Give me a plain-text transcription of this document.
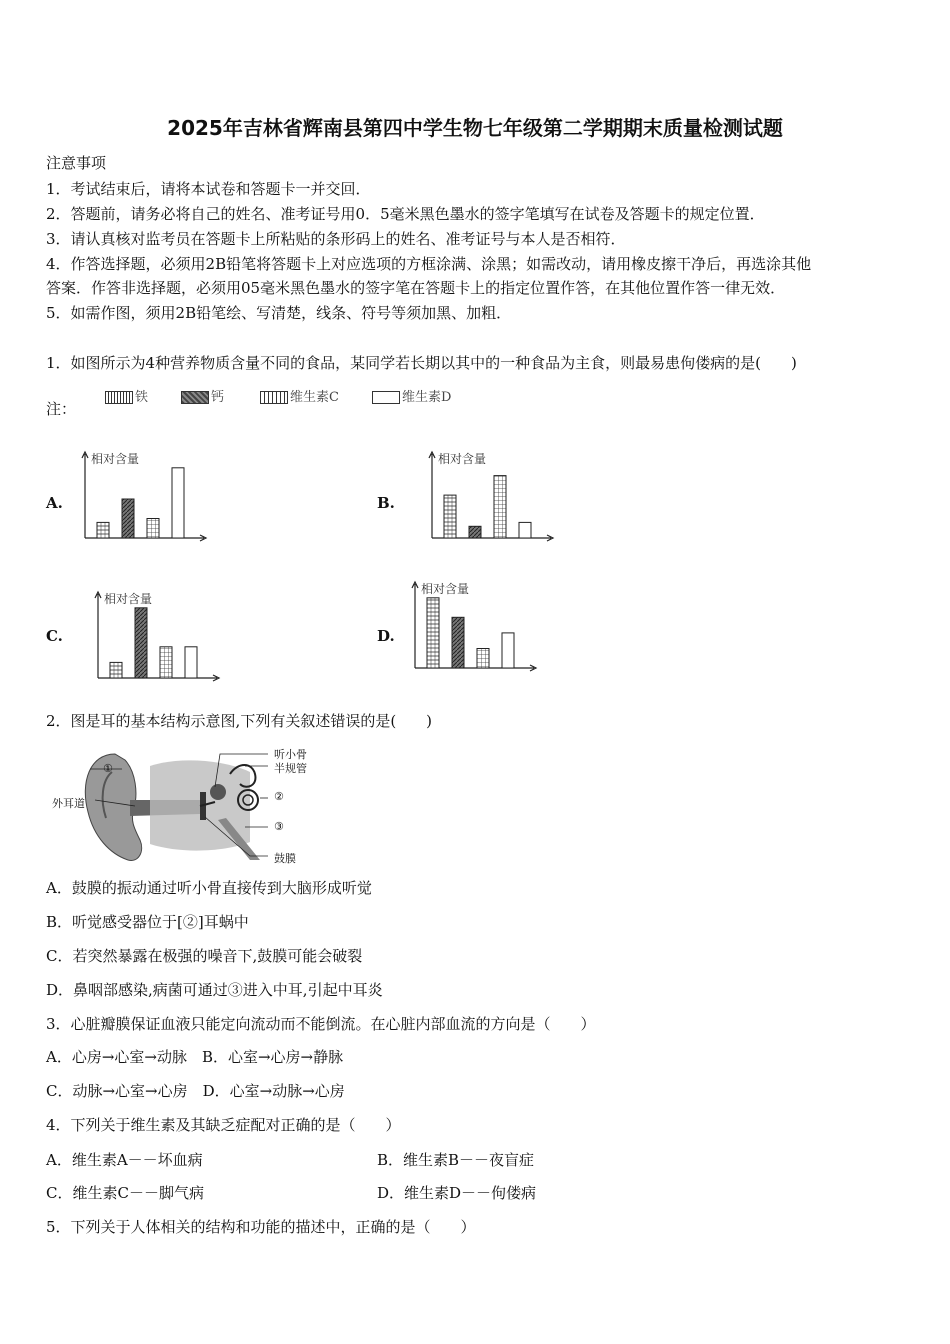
2025年吉林省辉南县第四中学生物七年级第二学期期末质量检测试题
注意事项
1．考试结束后，请将本试卷和答题卡一并交回．
2．答题前，请务必将自己的姓名、准考证号用0．5毫米黑色墨水的签字笔填写在试卷及答题卡的规定位置．
3．请认真核对监考员在答题卡上所粘贴的条形码上的姓名、准考证号与本人是否相符．
4．作答选择题，必须用2B铅笔将答题卡上对应选项的方框涂满、涂黑；如需改动，请用橡皮擦干净后，再选涂其他
答案．作答非选择题，必须用05毫米黑色墨水的签字笔在答题卡上的指定位置作答，在其他位置作答一律无效．
5．如需作图，须用2B铅笔绘、写清楚，线条、符号等须加黑、加粗．
1．如图所示为4种营养物质含量不同的食品，某同学若长期以其中的一种食品为主食，则最易患佝偻病的是(　　)
注：
铁	钙	维生素C	维生素D
A.	B.
C.	D.
相对含量	相对含量
相对含量
相对含量
2．图是耳的基本结构示意图,下列有关叙述错误的是(　　)
①
外耳道
听小骨
半规管
②
③
鼓膜
A．鼓膜的振动通过听小骨直接传到大脑形成听觉
B．听觉感受器位于[②]耳蜗中
C．若突然暴露在极强的噪音下,鼓膜可能会破裂
D．鼻咽部感染,病菌可通过③进入中耳,引起中耳炎
3．心脏瓣膜保证血液只能定向流动而不能倒流。在心脏内部血流的方向是（　　）
A．心房→心室→动脉　B．心室→心房→静脉
C．动脉→心室→心房　D．心室→动脉→心房
4．下列关于维生素及其缺乏症配对正确的是（　　）
A．维生素A－－坏血病	B．维生素B－－夜盲症
C．维生素C－－脚气病	D．维生素D－－佝偻病
5．下列关于人体相关的结构和功能的描述中，正确的是（　　）
